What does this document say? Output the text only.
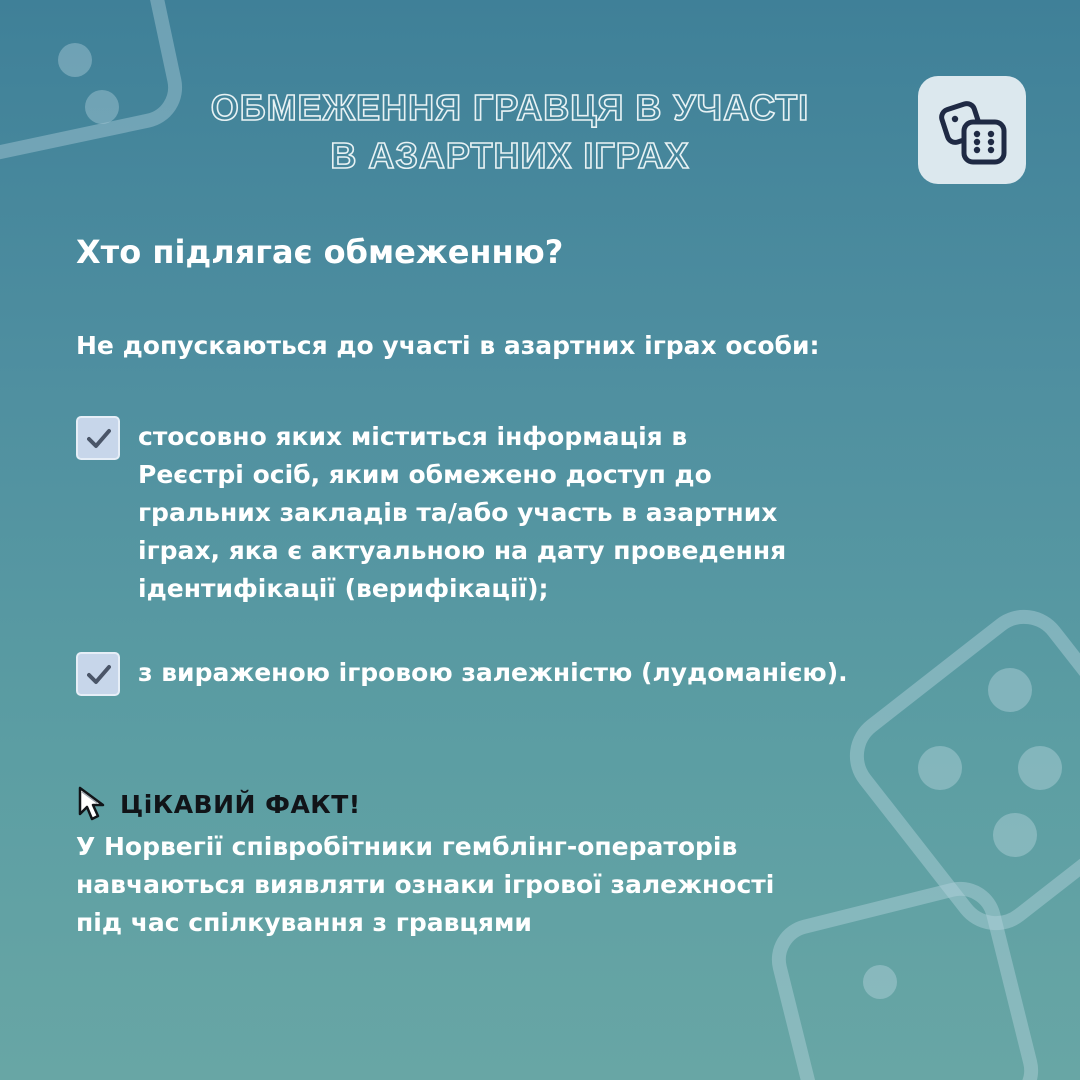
ОБМЕЖЕННЯ ГРАВЦЯ В УЧАСТІ
В АЗАРТНИХ ІГРАХ
Хто підлягає обмеженню?
Не допускаються до участі в азартних іграх особи:
стосовно яких міститься інформація в
Реєстрі осіб, яким обмежено доступ до
гральних закладів та/або участь в азартних
іграх, яка є актуальною на дату проведення
ідентифікації (верифікації);
з вираженою ігровою залежністю (лудоманією).
ЦіКАВИЙ ФАКТ!
У Норвегії співробітники гемблінг-операторів
навчаються виявляти ознаки ігрової залежності
під час спілкування з гравцями
